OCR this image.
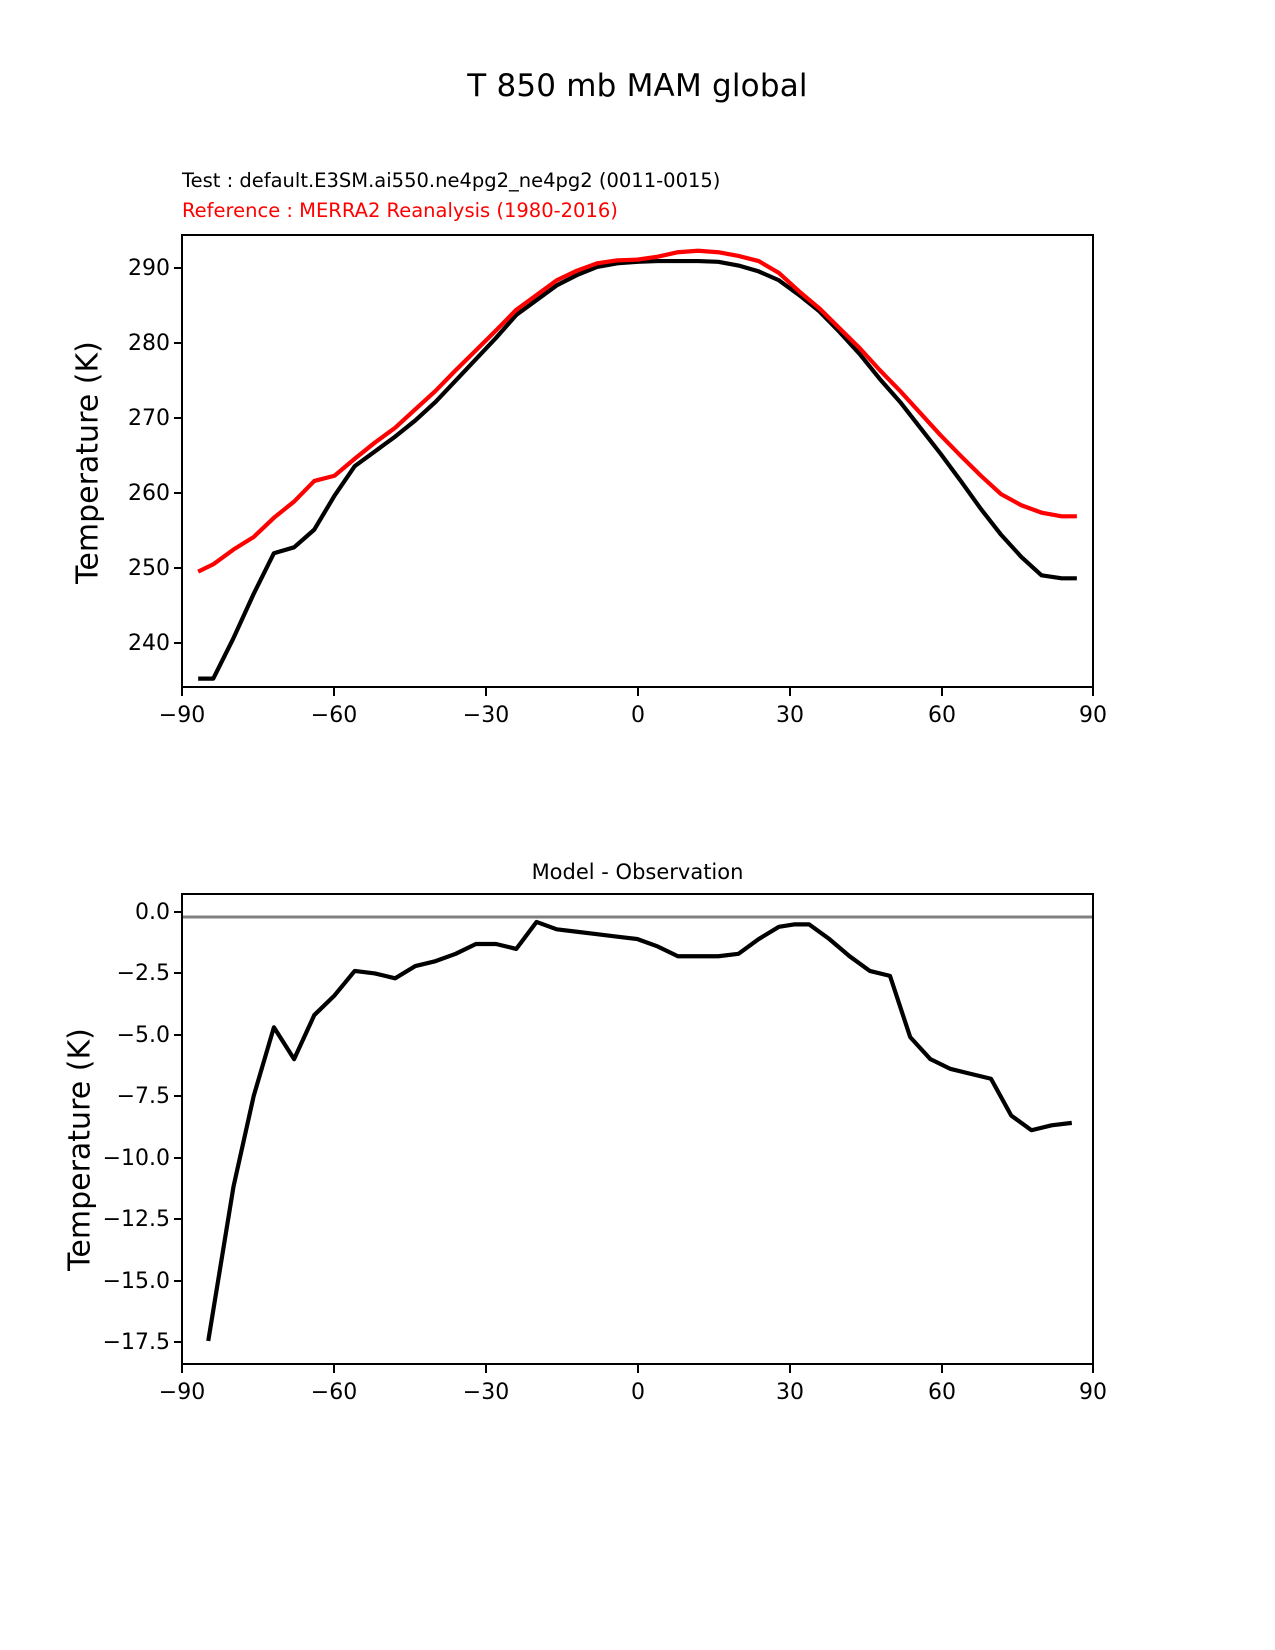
T 850 mb MAM global
Test : default.E3SM.ai550.ne4pg2_ne4pg2 (0011-0015)
Reference : MERRA2 Reanalysis (1980-2016)
Temperature (K)
290
280
270
260
250
240
−90	−60	−30	0	30	60	90
Model - Observation
Temperature (K)
0.0
−2.5
−5.0
−7.5
−10.0
−12.5
−15.0
−17.5
−90	−60	−30	0	30	60	90
